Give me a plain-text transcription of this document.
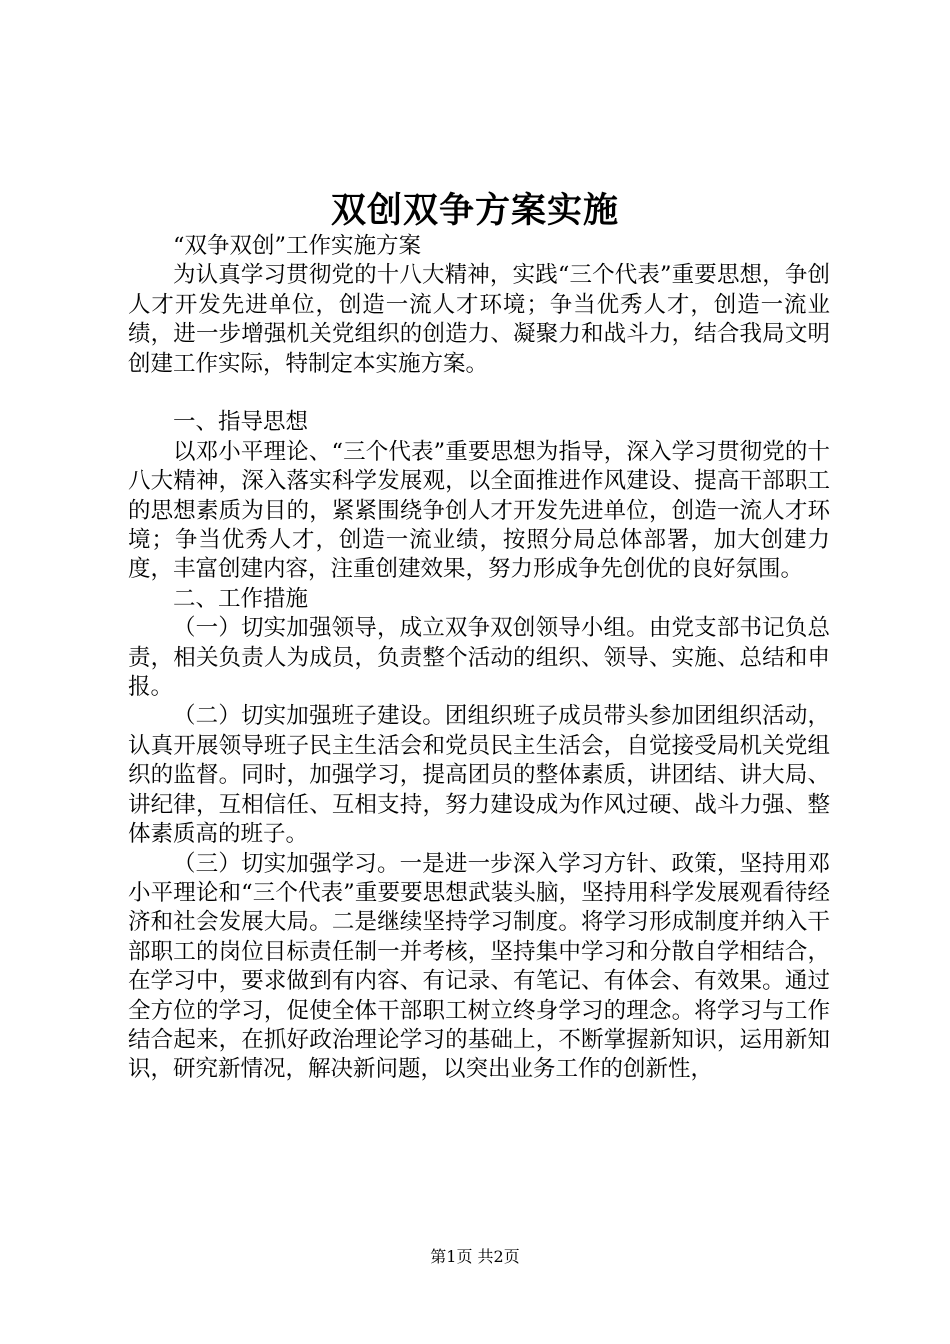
双创双争方案实施

“双争双创”工作实施方案

为认真学习贯彻党的十八大精神，实践“三个代表”重要思想，争创人才开发先进单位，创造一流人才环境；争当优秀人才，创造一流业绩，进一步增强机关党组织的创造力、凝聚力和战斗力，结合我局文明创建工作实际，特制定本实施方案。

一、指导思想

以邓小平理论、“三个代表”重要思想为指导，深入学习贯彻党的十八大精神，深入落实科学发展观，以全面推进作风建设、提高干部职工的思想素质为目的，紧紧围绕争创人才开发先进单位，创造一流人才环境；争当优秀人才，创造一流业绩，按照分局总体部署，加大创建力度，丰富创建内容，注重创建效果，努力形成争先创优的良好氛围。

二、工作措施

（一）切实加强领导，成立双争双创领导小组。由党支部书记负总责，相关负责人为成员，负责整个活动的组织、领导、实施、总结和申报。

（二）切实加强班子建设。团组织班子成员带头参加团组织活动，认真开展领导班子民主生活会和党员民主生活会，自觉接受局机关党组织的监督。同时，加强学习，提高团员的整体素质，讲团结、讲大局、讲纪律，互相信任、互相支持，努力建设成为作风过硬、战斗力强、整体素质高的班子。

（三）切实加强学习。一是进一步深入学习方针、政策，坚持用邓小平理论和“三个代表”重要要思想武装头脑，坚持用科学发展观看待经济和社会发展大局。二是继续坚持学习制度。将学习形成制度并纳入干部职工的岗位目标责任制一并考核，坚持集中学习和分散自学相结合，在学习中，要求做到有内容、有记录、有笔记、有体会、有效果。通过全方位的学习，促使全体干部职工树立终身学习的理念。将学习与工作结合起来，在抓好政治理论学习的基础上，不断掌握新知识，运用新知识，研究新情况，解决新问题，以突出业务工作的创新性，

第1页 共2页
